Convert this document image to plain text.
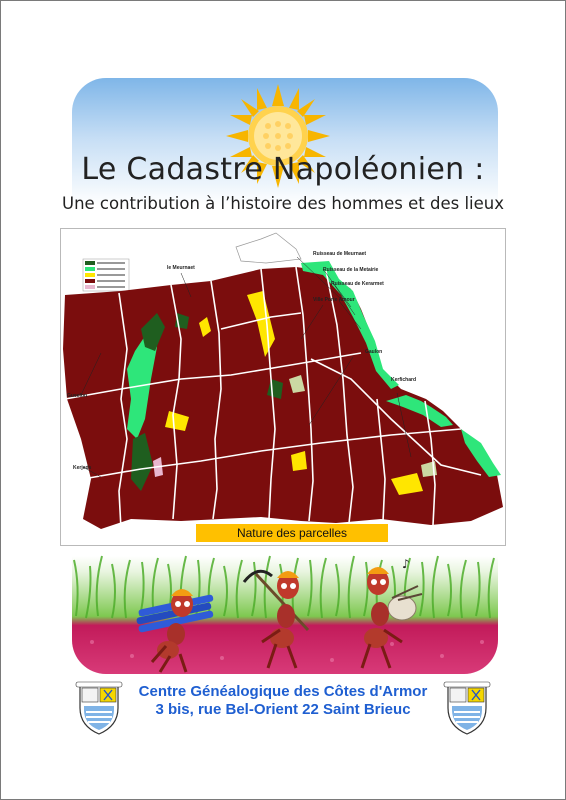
Le Cadastre Napoléonien :
Une contribution à l’histoire des hommes et des lieux
le Meurnaet
Ruisseau de Meurnaet
Ruisseau de la Metairie
Ruisseau de Kerarmet
Ville Porte Amour
Gaulon
Kerfichard
Gueelon
Kerjeds
Nature des parcelles
♪
Centre Généalogique des Côtes d'Armor
3 bis, rue Bel-Orient 22 Saint Brieuc
